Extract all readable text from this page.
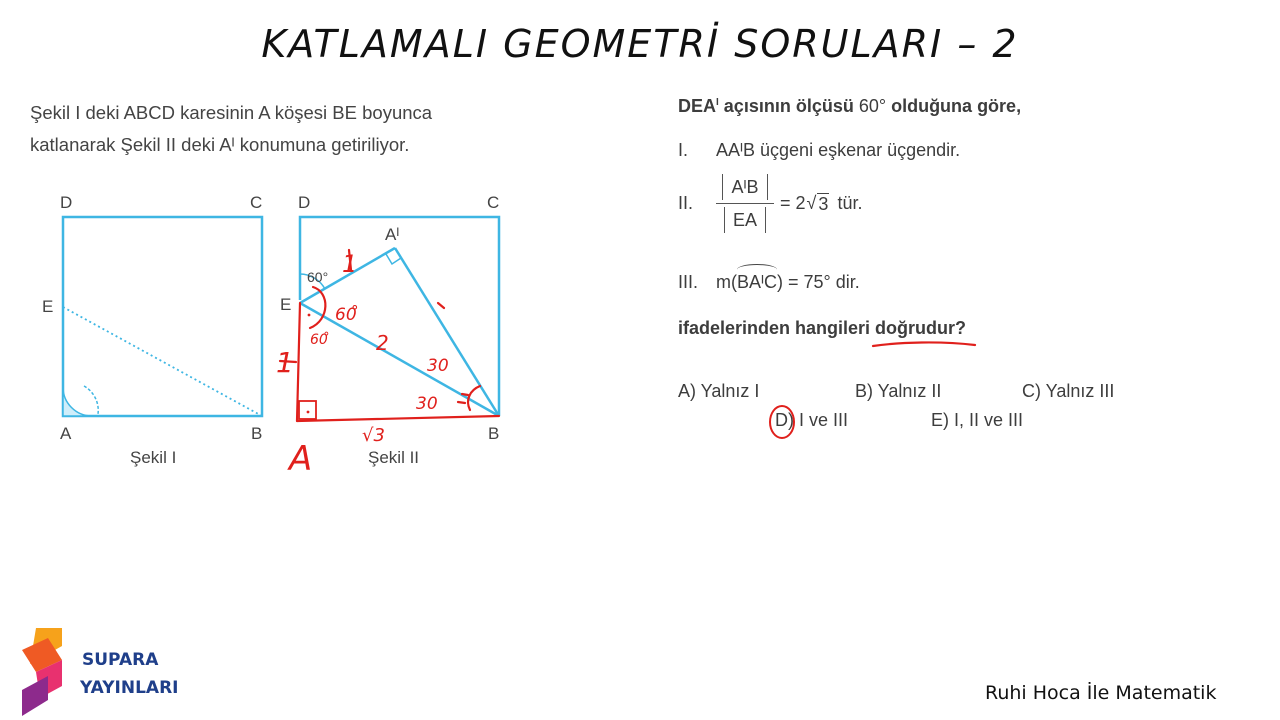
KATLAMALI GEOMETRİ SORULARI – 2
Şekil I deki ABCD karesinin A köşesi BE boyunca
katlanarak Şekil II deki Aᴵ konumuna getiriliyor.
D	C
E
A	B
Şekil I
Aᴵ
D	C
E
B
60°
Şekil II
60̊
60̊
1
1
2
30
30
√3
A
$DEA^I$ açısının ölçüsü 60° olduğuna göre,
I.	AAᴵB üçgeni eşkenar üçgendir.
II.	$\frac{\text{AᴵB}}{EA} = 2$ √ 3 tür.
III. m( BAᴵC ) = 75° dir.
ifadelerinden hangileri doğrudur?
A) Yalnız I	B) Yalnız II	C) Yalnız III
D) I ve III	E) I, II ve III
SUPARA
YAYINLARI	Ruhi Hoca İle Matematik
